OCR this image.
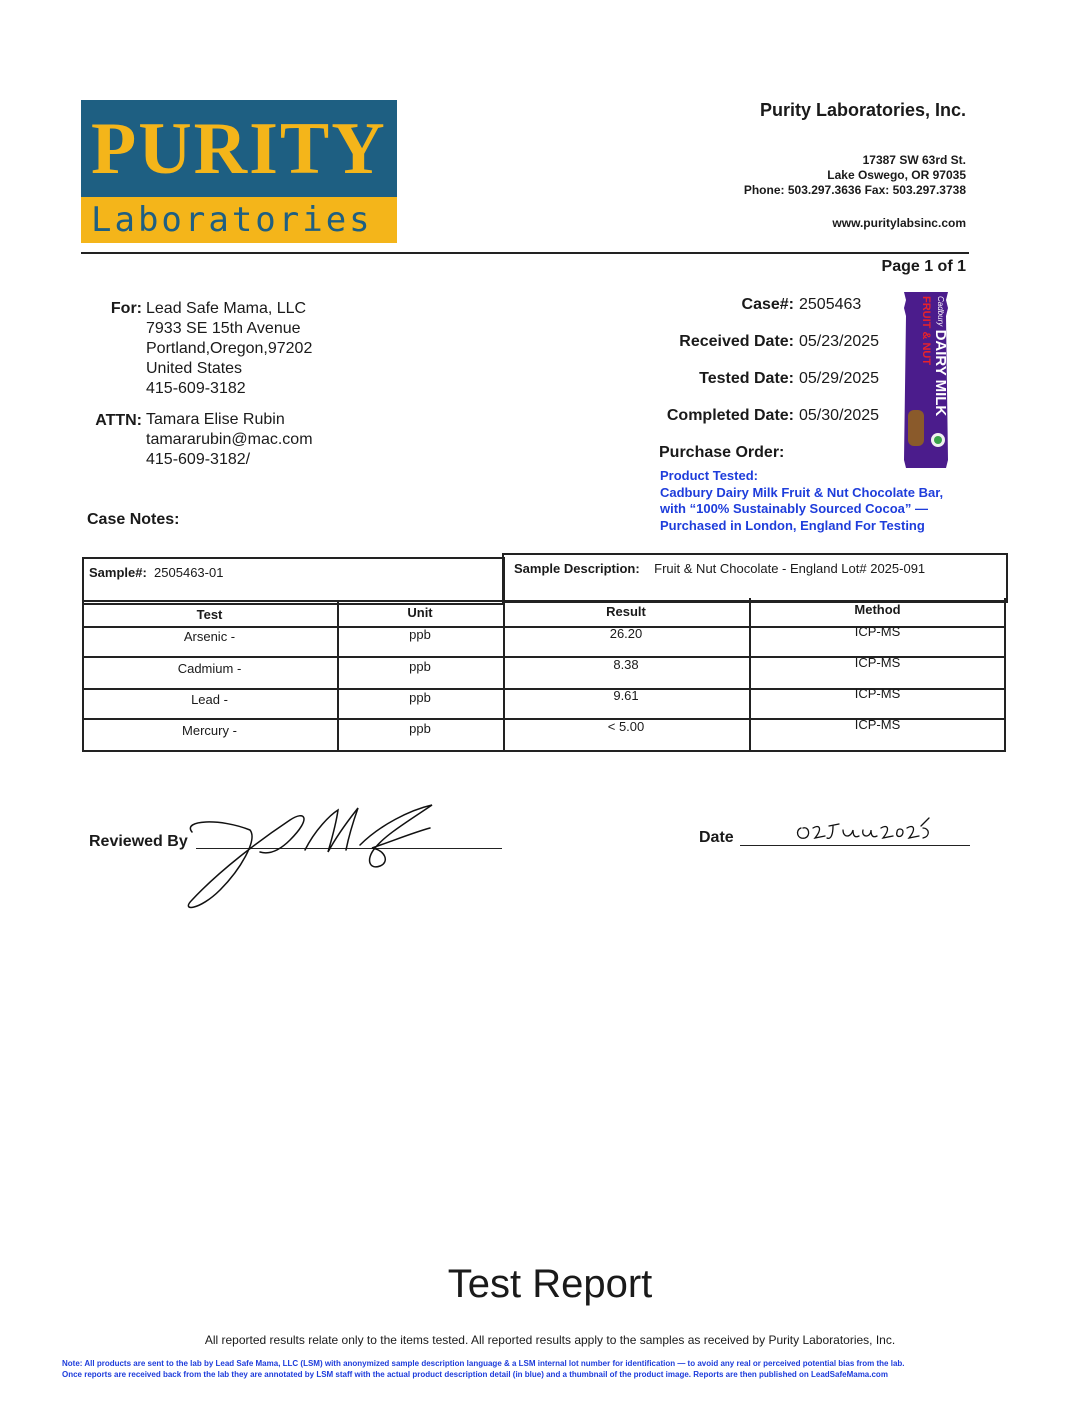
PURITY
Laboratories
Purity Laboratories, Inc.
17387 SW 63rd St.
Lake Oswego, OR 97035
Phone: 503.297.3636 Fax: 503.297.3738
www.puritylabsinc.com
Page 1 of 1
For: Lead Safe Mama, LLC
7933 SE 15th Avenue
Portland,Oregon,97202
United States
415-609-3182
ATTN: Tamara Elise Rubin
tamararubin@mac.com
415-609-3182/
Case Notes:
Case#: 2505463
Received Date: 05/23/2025
Tested Date: 05/29/2025
Completed Date: 05/30/2025
Purchase Order:
Product Tested:
Cadbury Dairy Milk Fruit & Nut Chocolate Bar,
with “100% Sustainably Sourced Cocoa” —
Purchased in London, England For Testing
Cadbury DAIRY MILK FRUIT & NUT
Sample#: 2505463-01	Sample Description: Fruit & Nut Chocolate - England Lot# 2025-091
Test	Unit	Result	Method
Arsenic -	ppb	26.20	ICP-MS
Cadmium -	ppb	8.38	ICP-MS
Lead -	ppb	9.61	ICP-MS
Mercury -	ppb	< 5.00	ICP-MS
Reviewed By	Date
Test Report
All reported results relate only to the items tested. All reported results apply to the samples as received by Purity Laboratories, Inc.
Note: All products are sent to the lab by Lead Safe Mama, LLC (LSM) with anonymized sample description language & a LSM internal lot number for identification — to avoid any real or perceived potential bias from the lab.
Once reports are received back from the lab they are annotated by LSM staff with the actual product description detail (in blue) and a thumbnail of the product image. Reports are then published on LeadSafeMama.com
